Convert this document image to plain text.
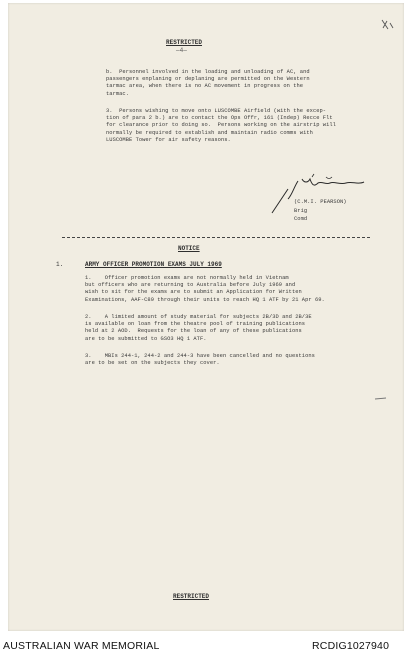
RESTRICTED
—4—
b.  Personnel involved in the loading and unloading of AC, and
passengers enplaning or deplaning are permitted on the Western
tarmac area, when there is no AC movement in progress on the
tarmac.
3.  Persons wishing to move onto LUSCOMBE Airfield (with the excep-
tion of para 2 b.) are to contact the Ops Offr, 161 (Indep) Recce Flt
for clearance prior to doing so.  Persons working on the airstrip will
normally be required to establish and maintain radio comms with
LUSCOMBE Tower for air safety reasons.
(C.M.I. PEARSON)
Brig
Comd
NOTICE
1.	ARMY OFFICER PROMOTION EXAMS JULY 1969
1.    Officer promotion exams are not normally held in Vietnam
but officers who are returning to Australia before July 1969 and
wish to sit for the exams are to submit an Application for Written
Examinations, AAF-C89 through their units to reach HQ 1 ATF by 21 Apr 69.
2.    A limited amount of study material for subjects 2B/3D and 2B/3E
is available on loan from the theatre pool of training publications
held at 2 AOD.  Requests for the loan of any of these publications
are to be submitted to GSO3 HQ 1 ATF.
3.    MBIs 244-1, 244-2 and 244-3 have been cancelled and no questions
are to be set on the subjects they cover.
RESTRICTED
AUSTRALIAN WAR MEMORIAL	RCDIG1027940
